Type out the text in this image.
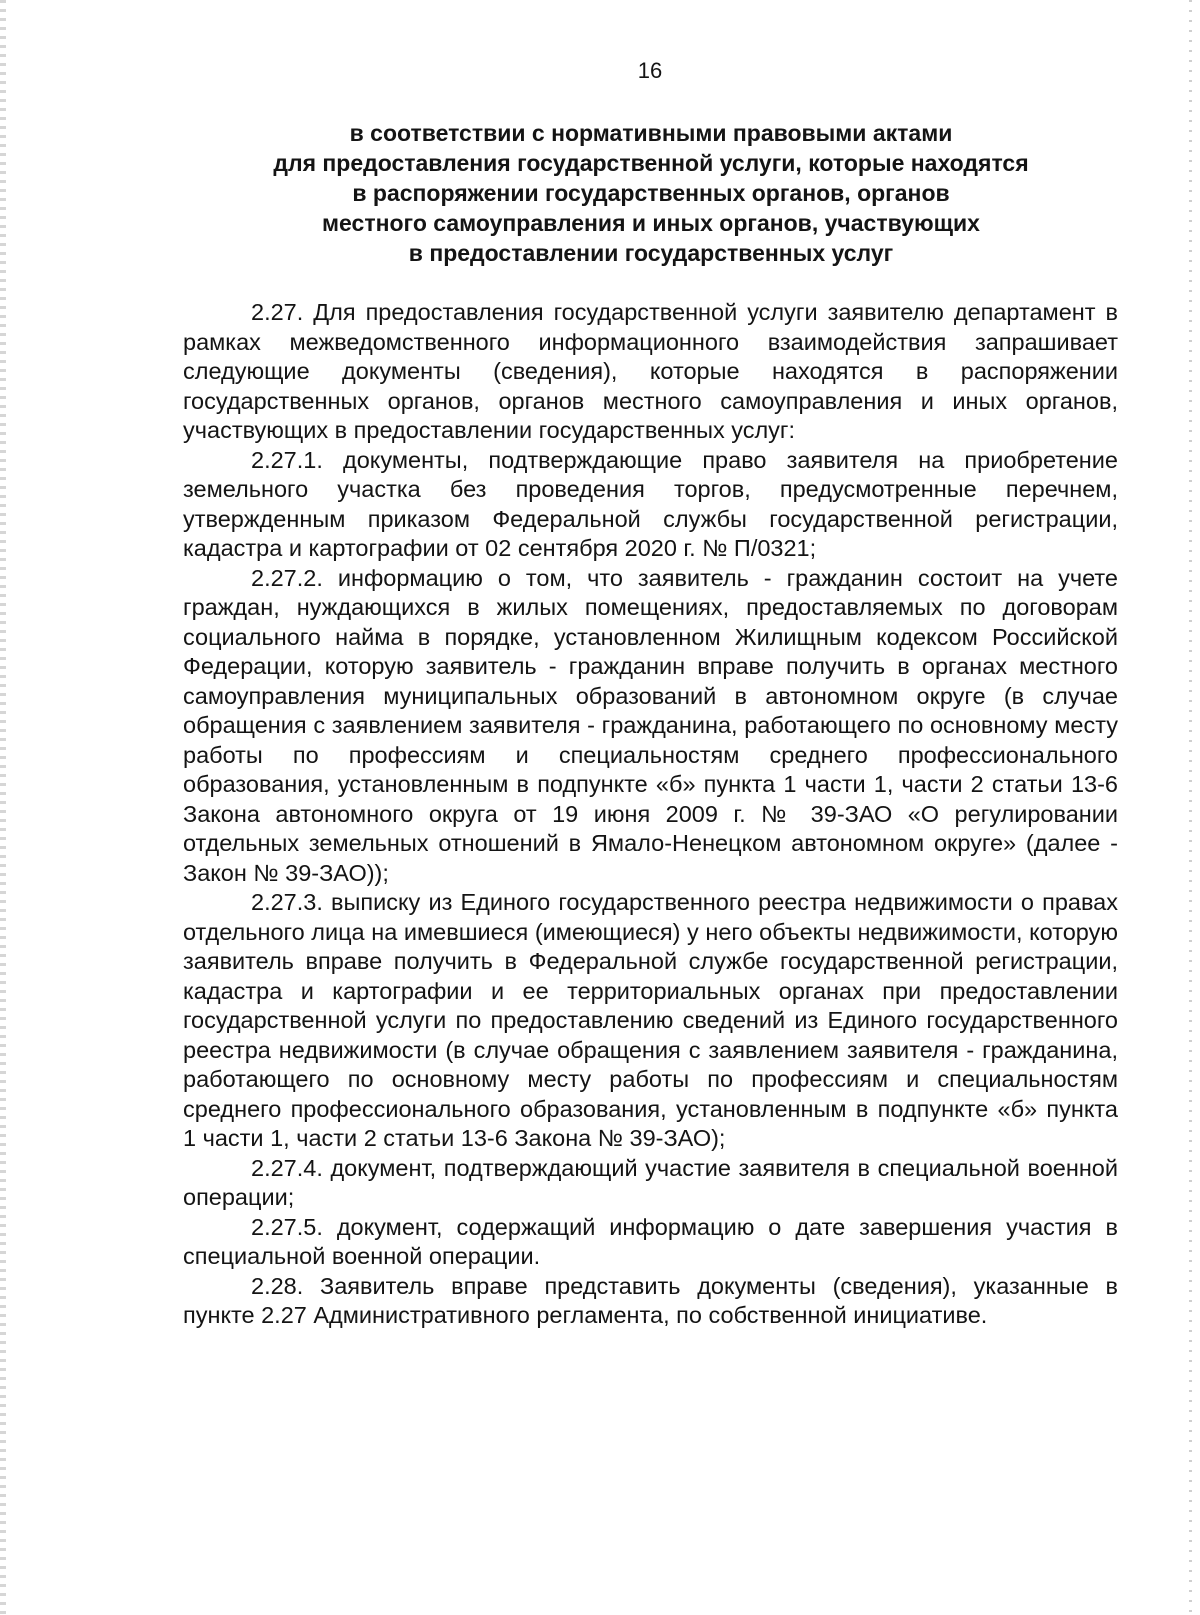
16
в соответствии с нормативными правовыми актами
для предоставления государственной услуги, которые находятся
в распоряжении государственных органов, органов
местного самоуправления и иных органов, участвующих
в предоставлении государственных услуг

2.27. Для предоставления государственной услуги заявителю департамент в рамках межведомственного информационного взаимодействия запрашивает следующие документы (сведения), которые находятся в распоряжении государственных органов, органов местного самоуправления и иных органов, участвующих в предоставлении государственных услуг:

2.27.1. документы, подтверждающие право заявителя на приобретение земельного участка без проведения торгов, предусмотренные перечнем, утвержденным приказом Федеральной службы государственной регистрации, кадастра и картографии от 02 сентября 2020 г. № П/0321;

2.27.2. информацию о том, что заявитель - гражданин состоит на учете граждан, нуждающихся в жилых помещениях, предоставляемых по договорам социального найма в порядке, установленном Жилищным кодексом Российской Федерации, которую заявитель - гражданин вправе получить в органах местного самоуправления муниципальных образований в автономном округе (в случае обращения с заявлением заявителя - гражданина, работающего по основному месту работы по профессиям и специальностям среднего профессионального образования, установленным в подпункте «б» пункта 1 части 1, части 2 статьи 13-6 Закона автономного округа от 19 июня 2009 г. № 39-ЗАО «О регулировании отдельных земельных отношений в Ямало-Ненецком автономном округе» (далее - Закон № 39-ЗАО));

2.27.3. выписку из Единого государственного реестра недвижимости о правах отдельного лица на имевшиеся (имеющиеся) у него объекты недвижимости, которую заявитель вправе получить в Федеральной службе государственной регистрации, кадастра и картографии и ее территориальных органах при предоставлении государственной услуги по предоставлению сведений из Единого государственного реестра недвижимости (в случае обращения с заявлением заявителя - гражданина, работающего по основному месту работы по профессиям и специальностям среднего профессионального образования, установленным в подпункте «б» пункта 1 части 1, части 2 статьи 13-6 Закона № 39-ЗАО);

2.27.4. документ, подтверждающий участие заявителя в специальной военной операции;

2.27.5. документ, содержащий информацию о дате завершения участия в специальной военной операции.

2.28. Заявитель вправе представить документы (сведения), указанные в пункте 2.27 Административного регламента, по собственной инициативе.
